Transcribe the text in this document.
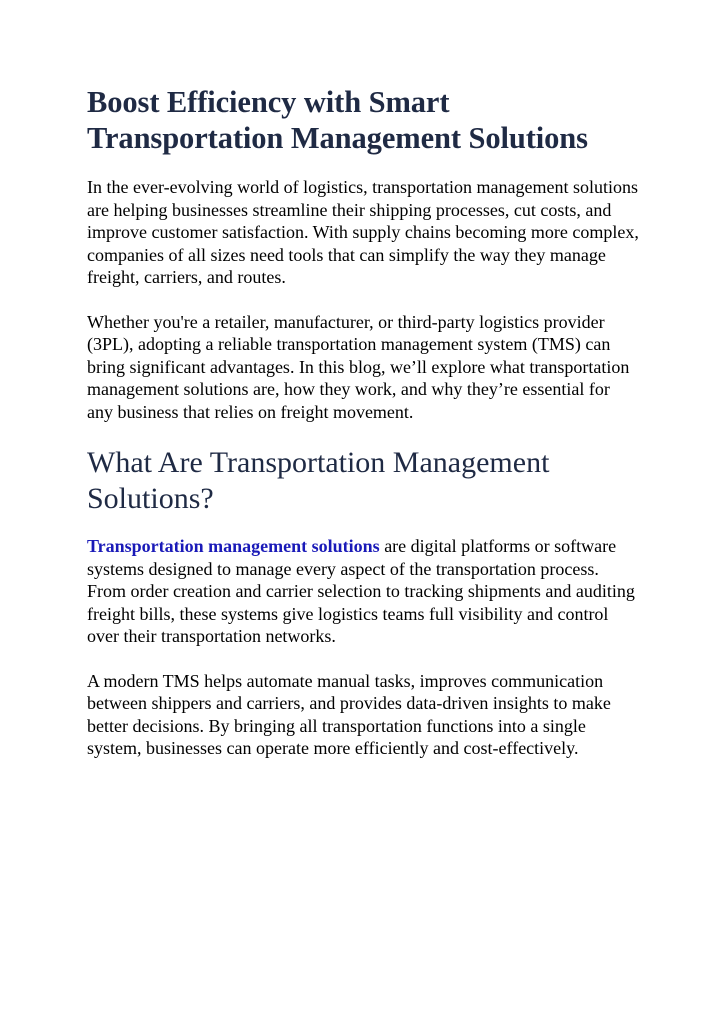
Boost Efficiency with Smart Transportation Management Solutions

In the ever-evolving world of logistics, transportation management solutions are helping businesses streamline their shipping processes, cut costs, and improve customer satisfaction. With supply chains becoming more complex, companies of all sizes need tools that can simplify the way they manage freight, carriers, and routes.

Whether you're a retailer, manufacturer, or third-party logistics provider (3PL), adopting a reliable transportation management system (TMS) can bring significant advantages. In this blog, we’ll explore what transportation management solutions are, how they work, and why they’re essential for any business that relies on freight movement.

What Are Transportation Management Solutions?

Transportation management solutions are digital platforms or software systems designed to manage every aspect of the transportation process. From order creation and carrier selection to tracking shipments and auditing freight bills, these systems give logistics teams full visibility and control over their transportation networks.

A modern TMS helps automate manual tasks, improves communication between shippers and carriers, and provides data-driven insights to make better decisions. By bringing all transportation functions into a single system, businesses can operate more efficiently and cost-effectively.
